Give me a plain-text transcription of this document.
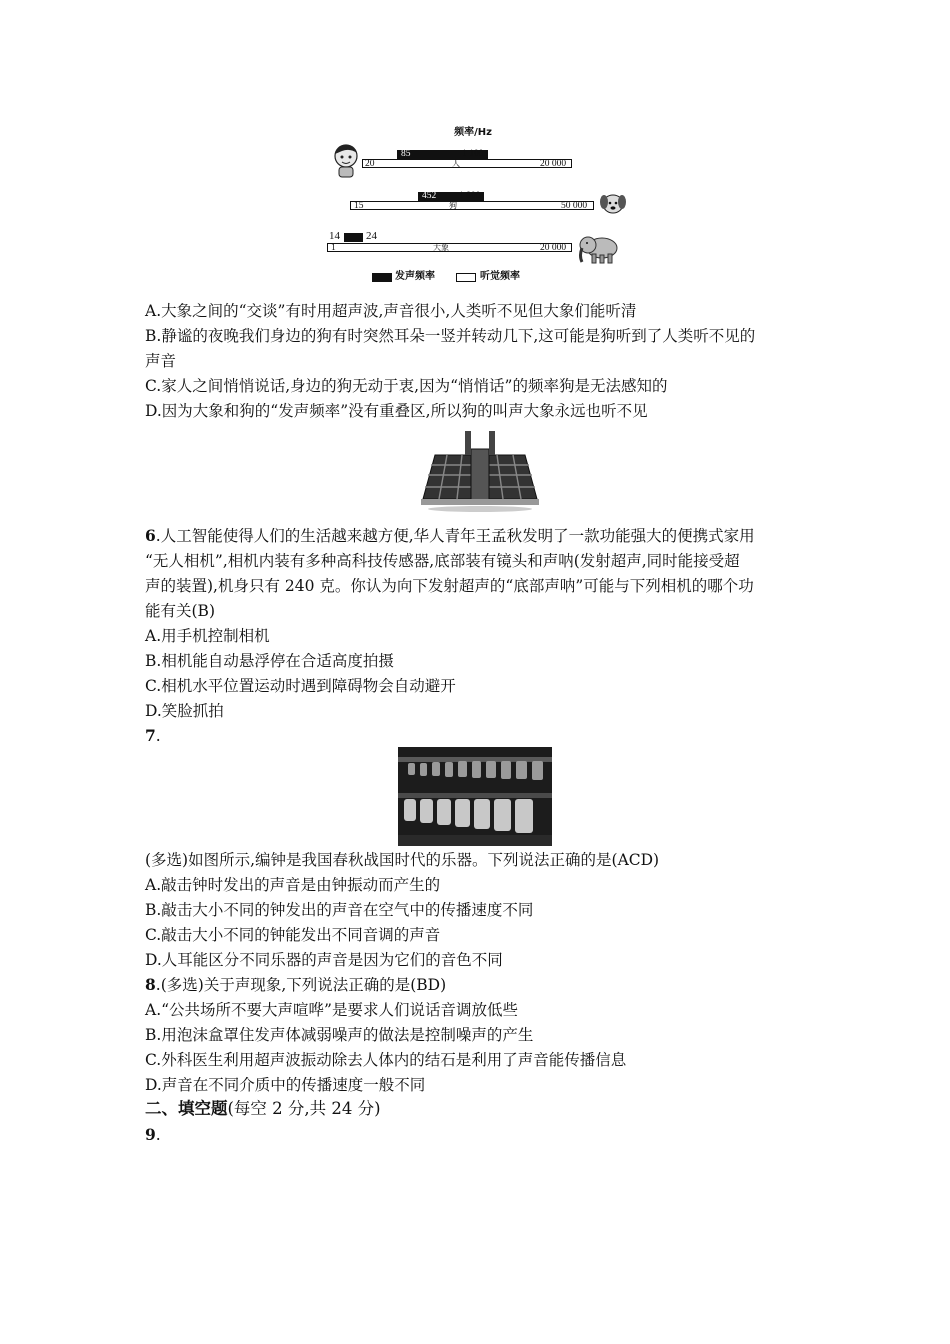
频率/Hz
85	1 100
20	人	20 000
452 1 800
15	狗	50 000
14 24
1	大象	20 000
发声频率	听觉频率
A.大象之间的“交谈”有时用超声波,声音很小,人类听不见但大象们能听清
B.静谧的夜晚我们身边的狗有时突然耳朵一竖并转动几下,这可能是狗听到了人类听不见的
声音
C.家人之间悄悄说话,身边的狗无动于衷,因为“悄悄话”的频率狗是无法感知的
D.因为大象和狗的“发声频率”没有重叠区,所以狗的叫声大象永远也听不见
6.人工智能使得人们的生活越来越方便,华人青年王孟秋发明了一款功能强大的便携式家用
“无人相机”,相机内装有多种高科技传感器,底部装有镜头和声呐(发射超声,同时能接受超
声的装置),机身只有 240 克。你认为向下发射超声的“底部声呐”可能与下列相机的哪个功
能有关(B)
A.用手机控制相机
B.相机能自动悬浮停在合适高度拍摄
C.相机水平位置运动时遇到障碍物会自动避开
D.笑脸抓拍
7.
(多选)如图所示,编钟是我国春秋战国时代的乐器。下列说法正确的是(ACD)
A.敲击钟时发出的声音是由钟振动而产生的
B.敲击大小不同的钟发出的声音在空气中的传播速度不同
C.敲击大小不同的钟能发出不同音调的声音
D.人耳能区分不同乐器的声音是因为它们的音色不同
8.(多选)关于声现象,下列说法正确的是(BD)
A.“公共场所不要大声喧哗”是要求人们说话音调放低些
B.用泡沫盒罩住发声体减弱噪声的做法是控制噪声的产生
C.外科医生利用超声波振动除去人体内的结石是利用了声音能传播信息
D.声音在不同介质中的传播速度一般不同
二、填空题(每空 2 分,共 24 分)
9.
